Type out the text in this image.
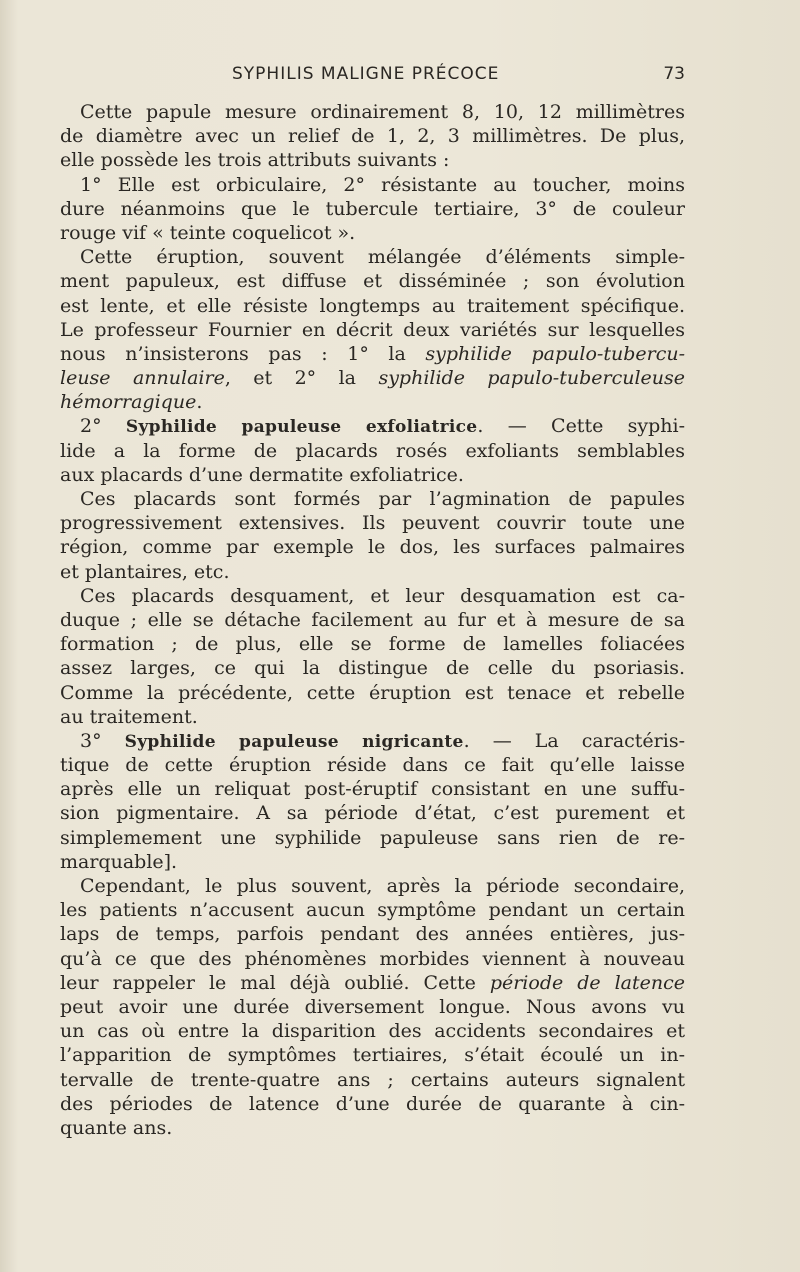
SYPHILIS MALIGNE PRÉCOCE	73
Cette papule mesure ordinairement 8, 10, 12 millimètres
de diamètre avec un relief de 1, 2, 3 millimètres. De plus,
elle possède les trois attributs suivants :
1° Elle est orbiculaire, 2° résistante au toucher, moins
dure néanmoins que le tubercule tertiaire, 3° de couleur
rouge vif « teinte coquelicot ».
Cette éruption, souvent mélangée d’éléments simple-
ment papuleux, est diffuse et disséminée ; son évolution
est lente, et elle résiste longtemps au traitement spécifique.
Le professeur Fournier en décrit deux variétés sur lesquelles
nous n’insisterons pas : 1° la syphilide papulo-tubercu-
leuse annulaire, et 2° la syphilide papulo-tuberculeuse
hémorragique.
2° Syphilide papuleuse exfoliatrice. — Cette syphi-
lide a la forme de placards rosés exfoliants semblables
aux placards d’une dermatite exfoliatrice.
Ces placards sont formés par l’agmination de papules
progressivement extensives. Ils peuvent couvrir toute une
région, comme par exemple le dos, les surfaces palmaires
et plantaires, etc.
Ces placards desquament, et leur desquamation est ca-
duque ; elle se détache facilement au fur et à mesure de sa
formation ; de plus, elle se forme de lamelles foliacées
assez larges, ce qui la distingue de celle du psoriasis.
Comme la précédente, cette éruption est tenace et rebelle
au traitement.
3° Syphilide papuleuse nigricante. — La caractéris-
tique de cette éruption réside dans ce fait qu’elle laisse
après elle un reliquat post-éruptif consistant en une suffu-
sion pigmentaire. A sa période d’état, c’est purement et
simplemement une syphilide papuleuse sans rien de re-
marquable].
Cependant, le plus souvent, après la période secondaire,
les patients n’accusent aucun symptôme pendant un certain
laps de temps, parfois pendant des années entières, jus-
qu’à ce que des phénomènes morbides viennent à nouveau
leur rappeler le mal déjà oublié. Cette période de latence
peut avoir une durée diversement longue. Nous avons vu
un cas où entre la disparition des accidents secondaires et
l’apparition de symptômes tertiaires, s’était écoulé un in-
tervalle de trente-quatre ans ; certains auteurs signalent
des périodes de latence d’une durée de quarante à cin-
quante ans.
